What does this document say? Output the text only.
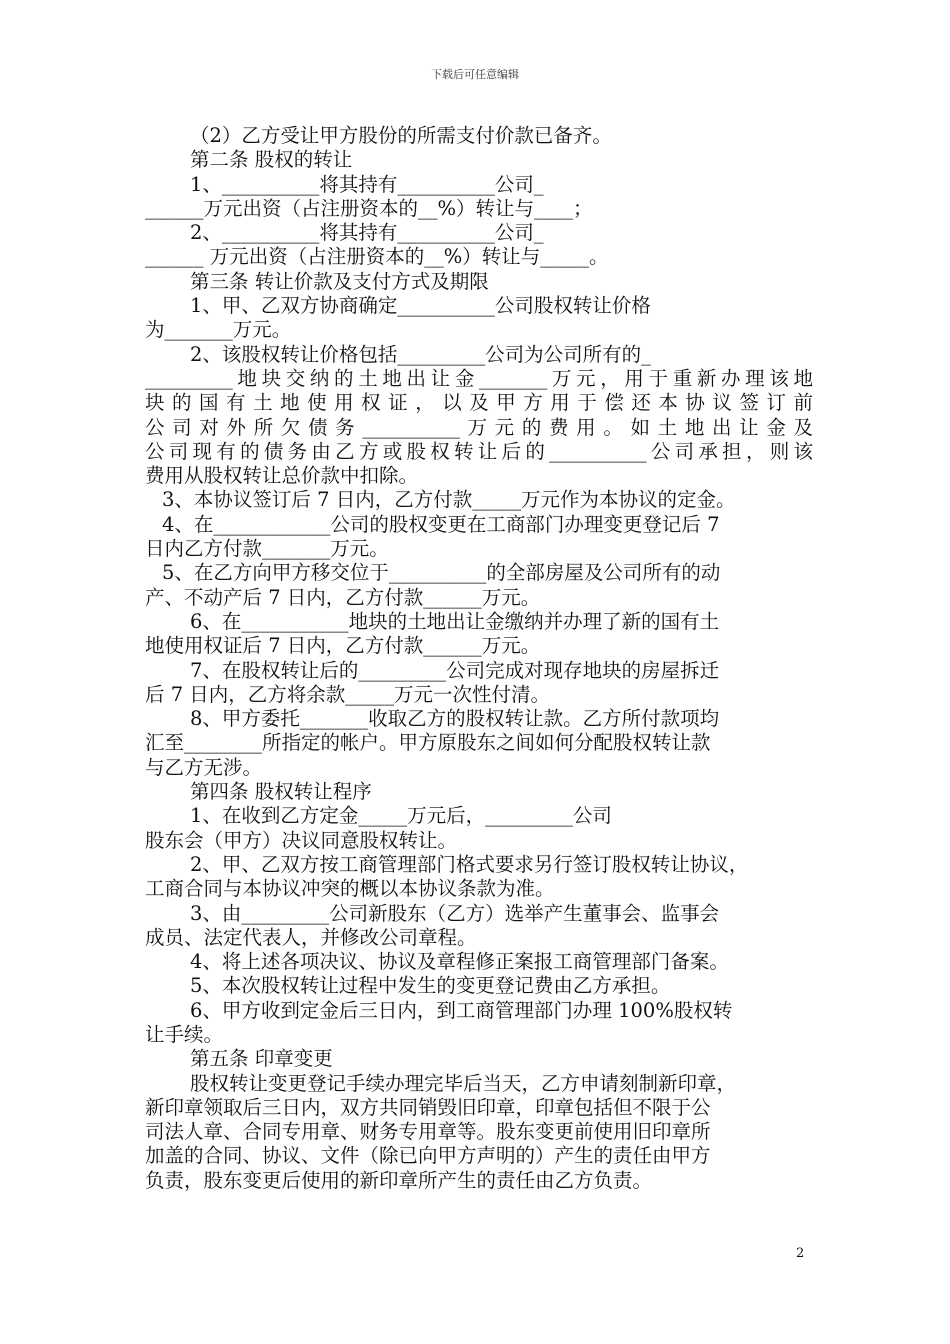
下载后可任意编辑
（2）乙方受让甲方股份的所需支付价款已备齐。
第二条 股权的转让
1、__________将其持有__________公司_
______万元出资（占注册资本的__%）转让与____；
2、__________将其持有__________公司_
______ 万元出资（占注册资本的__%）转让与_____。
第三条 转让价款及支付方式及期限
1、甲、乙双方协商确定__________公司股权转让价格
为_______万元。
2、该股权转让价格包括_________公司为公司所有的_
_________地块交纳的土地出让金_______万元，用于重新办理该地
块的国有土地使用权证，以及甲方用于偿还本协议签订前
公司对外所欠债务__________万元的费用。如土地出让金及
公司现有的债务由乙方或股权转让后的__________公司承担，则该
费用从股权转让总价款中扣除。
3、本协议签订后 7 日内，乙方付款_____万元作为本协议的定金。
4、在____________公司的股权变更在工商部门办理变更登记后 7
日内乙方付款_______万元。
5、在乙方向甲方移交位于__________的全部房屋及公司所有的动
产、不动产后 7 日内，乙方付款______万元。
6、在___________地块的土地出让金缴纳并办理了新的国有土
地使用权证后 7 日内，乙方付款______万元。
7、在股权转让后的_________公司完成对现存地块的房屋拆迁
后 7 日内，乙方将余款_____万元一次性付清。
8、甲方委托_______收取乙方的股权转让款。乙方所付款项均
汇至________所指定的帐户。甲方原股东之间如何分配股权转让款
与乙方无涉。
第四条 股权转让程序
1、在收到乙方定金_____万元后，_________公司
股东会（甲方）决议同意股权转让。
2、甲、乙双方按工商管理部门格式要求另行签订股权转让协议，
工商合同与本协议冲突的概以本协议条款为准。
3、由_________公司新股东（乙方）选举产生董事会、监事会
成员、法定代表人，并修改公司章程。
4、将上述各项决议、协议及章程修正案报工商管理部门备案。
5、本次股权转让过程中发生的变更登记费由乙方承担。
6、甲方收到定金后三日内，到工商管理部门办理 100%股权转
让手续。
第五条 印章变更
股权转让变更登记手续办理完毕后当天，乙方申请刻制新印章，
新印章领取后三日内，双方共同销毁旧印章，印章包括但不限于公
司法人章、合同专用章、财务专用章等。股东变更前使用旧印章所
加盖的合同、协议、文件（除已向甲方声明的）产生的责任由甲方
负责，股东变更后使用的新印章所产生的责任由乙方负责。
2
